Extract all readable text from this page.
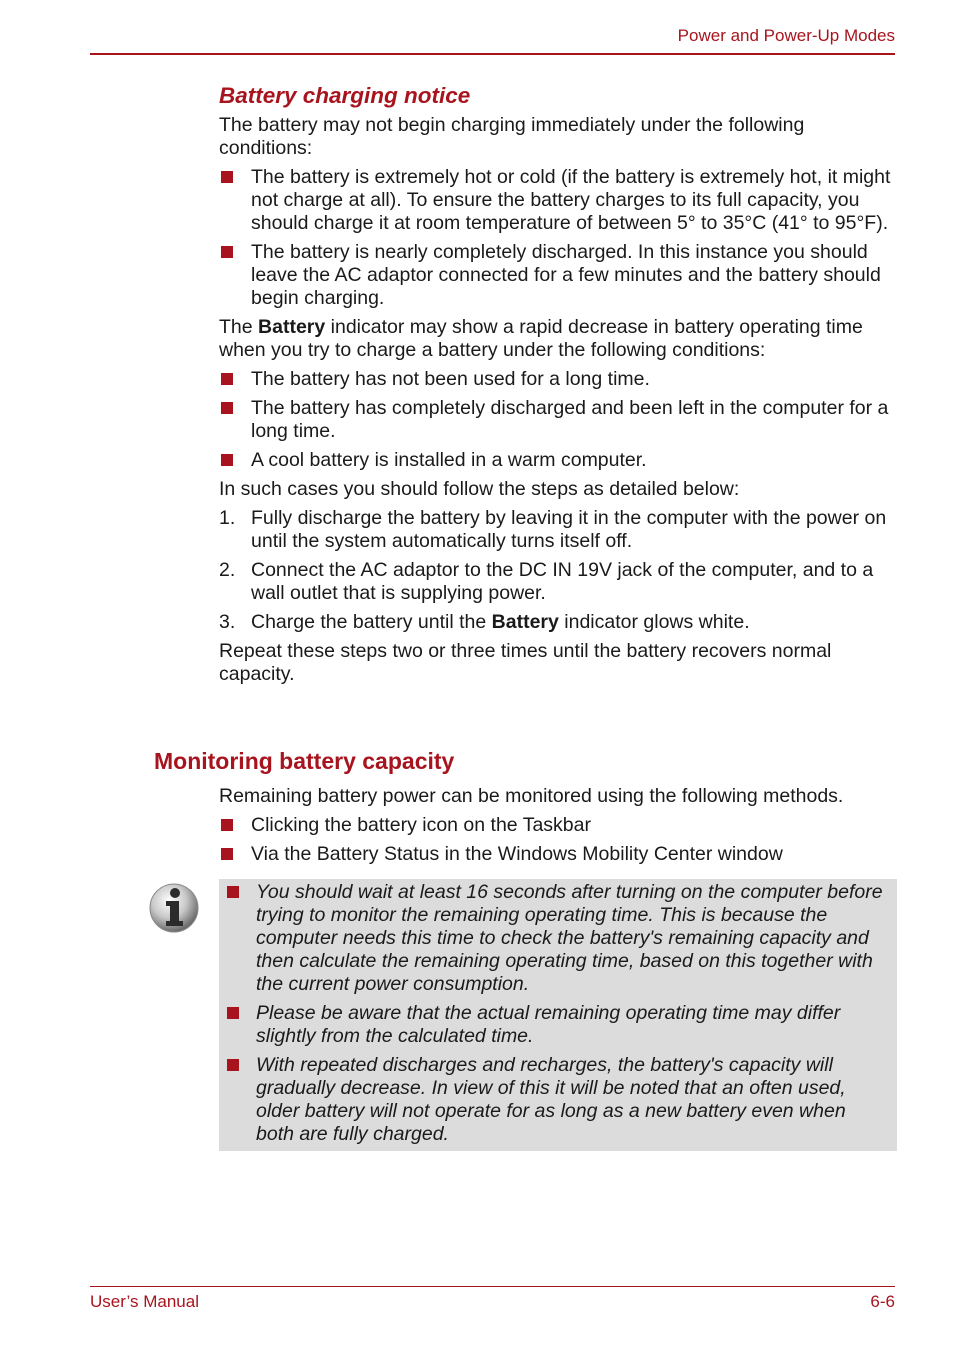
Power and Power-Up Modes
Battery charging notice

The battery may not begin charging immediately under the following conditions:

The battery is extremely hot or cold (if the battery is extremely hot, it might not charge at all). To ensure the battery charges to its full capacity, you should charge it at room temperature of between 5° to 35°C (41° to 95°F).
The battery is nearly completely discharged. In this instance you should leave the AC adaptor connected for a few minutes and the battery should begin charging.

The Battery indicator may show a rapid decrease in battery operating time when you try to charge a battery under the following conditions:

The battery has not been used for a long time.
The battery has completely discharged and been left in the computer for a long time.
A cool battery is installed in a warm computer.

In such cases you should follow the steps as detailed below:

1. Fully discharge the battery by leaving it in the computer with the power on until the system automatically turns itself off.
2. Connect the AC adaptor to the DC IN 19V jack of the computer, and to a wall outlet that is supplying power.
3. Charge the battery until the Battery indicator glows white.

Repeat these steps two or three times until the battery recovers normal capacity.

Monitoring battery capacity

Remaining battery power can be monitored using the following methods.

Clicking the battery icon on the Taskbar
Via the Battery Status in the Windows Mobility Center window
You should wait at least 16 seconds after turning on the computer before trying to monitor the remaining operating time. This is because the computer needs this time to check the battery's remaining capacity and then calculate the remaining operating time, based on this together with the current power consumption.
Please be aware that the actual remaining operating time may differ slightly from the calculated time.
With repeated discharges and recharges, the battery's capacity will gradually decrease. In view of this it will be noted that an often used, older battery will not operate for as long as a new battery even when both are fully charged.
User’s Manual	6-6
